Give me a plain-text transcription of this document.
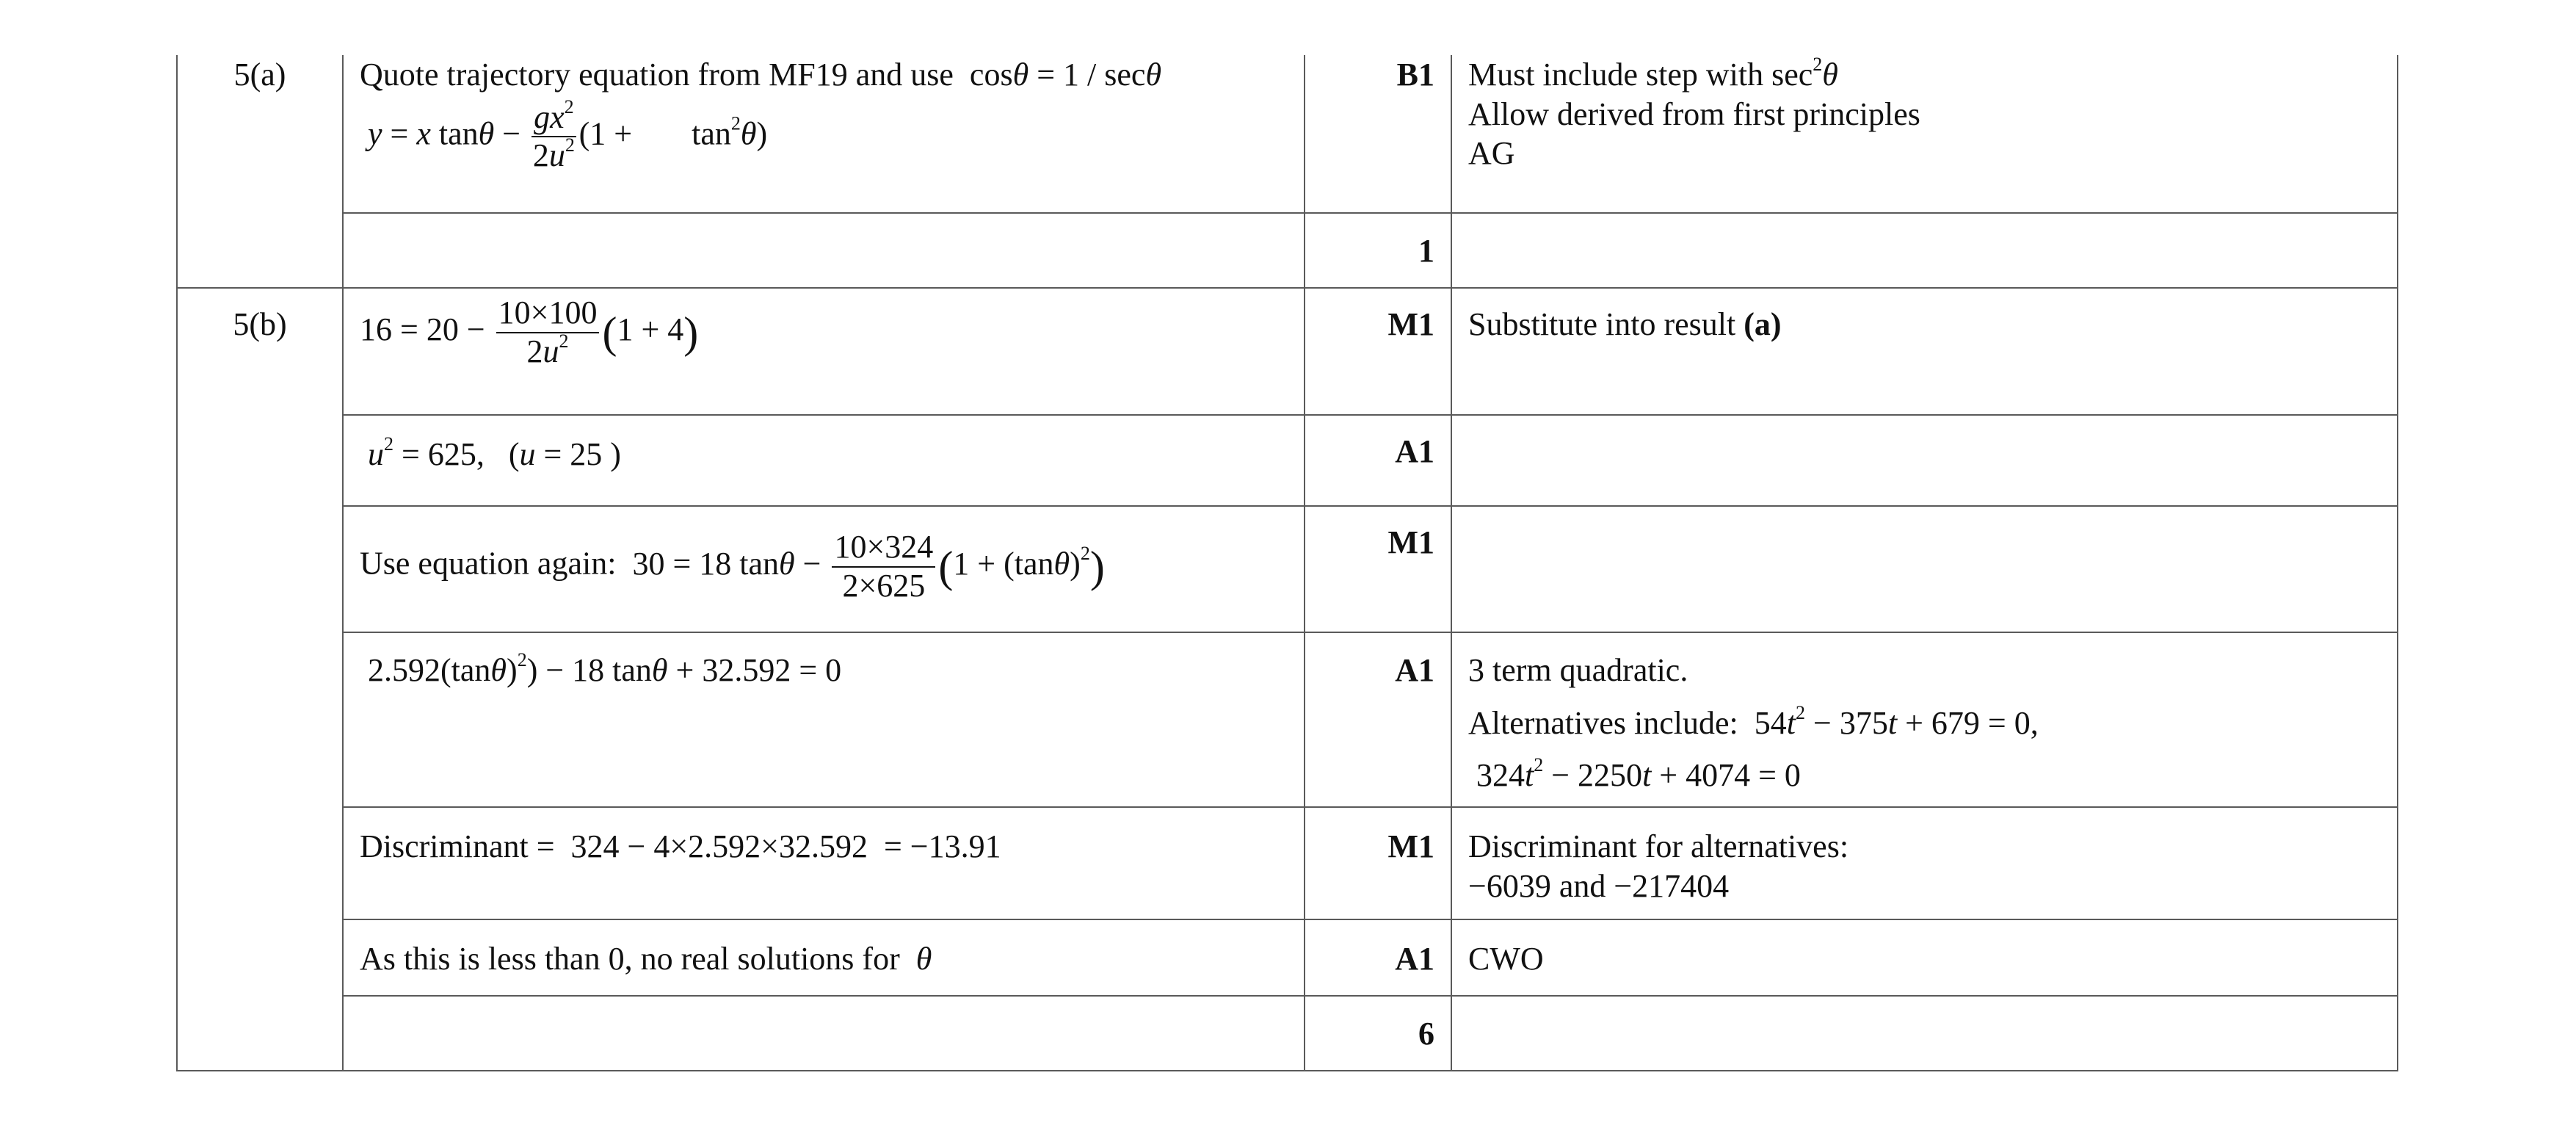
5(a)	Quote trajectory equation from MF19 and use  cosθ = 1 / secθ
y = x $\tan\theta - \frac{gx^2}{2u^2} (1 + \tan^2\theta)$	B1	Must include step with $\sec^2\theta$
Allow derived from first principles
AG

		1	
5(b)	$16 = 20 - \frac{10\times 100}{2u^2} (1 + 4)$	M1	Substitute into result (a)
	$u^2 = 625$,   (u = 25 )	A1	
	Use equation again:  30 = 18 $\tan\theta - \frac{10\times 324}{2\times 625} (1 + (\tan\theta)^2)$	M1	
	$2.592(\tan\theta)^2) - 18$ tanθ + 32.592 = 0	A1	3 term quadratic.
Alternatives include:  $54t^2 - 375t + 679 = 0$,
$324t^2 - 2250t + 4074 = 0$

	Discriminant =  324 − 4×2.592×32.592  = −13.91	M1	Discriminant for alternatives:
−6039 and −217404

	As this is less than 0, no real solutions for θ	A1	CWO
		6	
